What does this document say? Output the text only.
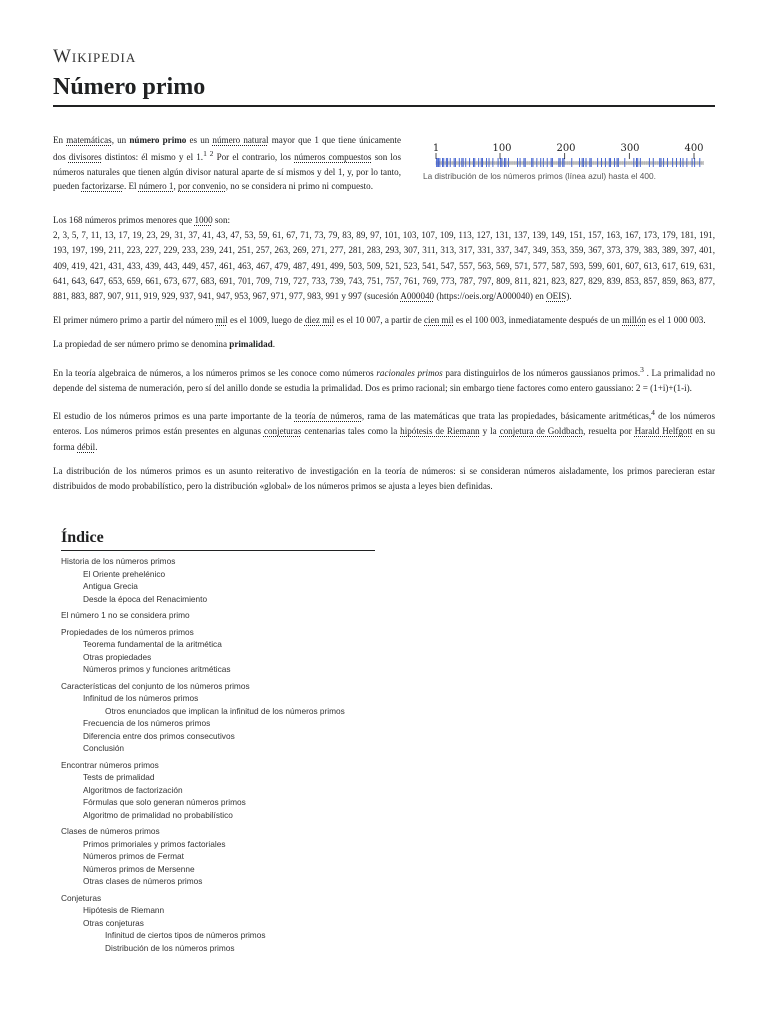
Wikipedia
Número primo
En matemáticas, un número primo es un número natural mayor que 1 que tiene únicamente dos divisores distintos: él mismo y el 1.$^{1 2}$ Por el contrario, los números compuestos son los números naturales que tienen algún divisor natural aparte de sí mismos y del 1, y, por lo tanto, pueden factorizarse. El número 1, por convenio, no se considera ni primo ni compuesto.
1	100	200	300	400
La distribución de los números primos (línea azul) hasta el 400.

Los 168 números primos menores que 1000 son:
2, 3, 5, 7, 11, 13, 17, 19, 23, 29, 31, 37, 41, 43, 47, 53, 59, 61, 67, 71, 73, 79, 83, 89, 97, 101, 103, 107, 109, 113, 127, 131, 137, 139, 149, 151, 157, 163, 167, 173, 179, 181, 191, 193, 197, 199, 211, 223, 227, 229, 233, 239, 241, 251, 257, 263, 269, 271, 277, 281, 283, 293, 307, 311, 313, 317, 331, 337, 347, 349, 353, 359, 367, 373, 379, 383, 389, 397, 401, 409, 419, 421, 431, 433, 439, 443, 449, 457, 461, 463, 467, 479, 487, 491, 499, 503, 509, 521, 523, 541, 547, 557, 563, 569, 571, 577, 587, 593, 599, 601, 607, 613, 617, 619, 631, 641, 643, 647, 653, 659, 661, 673, 677, 683, 691, 701, 709, 719, 727, 733, 739, 743, 751, 757, 761, 769, 773, 787, 797, 809, 811, 821, 823, 827, 829, 839, 853, 857, 859, 863, 877, 881, 883, 887, 907, 911, 919, 929, 937, 941, 947, 953, 967, 971, 977, 983, 991 y 997 (sucesión A000040 (https://oeis.org/A000040) en OEIS).

El primer número primo a partir del número mil es el 1009, luego de diez mil es el 10 007, a partir de cien mil es el 100 003, inmediatamente después de un millón es el 1 000 003.

La propiedad de ser número primo se denomina primalidad.

En la teoría algebraica de números, a los números primos se les conoce como números racionales primos para distinguirlos de los números gaussianos primos.$^3$ . La primalidad no depende del sistema de numeración, pero sí del anillo donde se estudia la primalidad. Dos es primo racional; sin embargo tiene factores como entero gaussiano: 2 = (1+i)+(1-i).

El estudio de los números primos es una parte importante de la teoría de números, rama de las matemáticas que trata las propiedades, básicamente aritméticas,$^4$ de los números enteros. Los números primos están presentes en algunas conjeturas centenarias tales como la hipótesis de Riemann y la conjetura de Goldbach, resuelta por Harald Helfgott en su forma débil.

La distribución de los números primos es un asunto reiterativo de investigación en la teoría de números: si se consideran números aisladamente, los primos parecieran estar distribuidos de modo probabilístico, pero la distribución «global» de los números primos se ajusta a leyes bien definidas.

Índice
Historia de los números primos
El Oriente prehelénico
Antigua Grecia
Desde la época del Renacimiento
El número 1 no se considera primo
Propiedades de los números primos
Teorema fundamental de la aritmética
Otras propiedades
Números primos y funciones aritméticas
Características del conjunto de los números primos
Infinitud de los números primos
Otros enunciados que implican la infinitud de los números primos
Frecuencia de los números primos
Diferencia entre dos primos consecutivos
Conclusión
Encontrar números primos
Tests de primalidad
Algoritmos de factorización
Fórmulas que solo generan números primos
Algoritmo de primalidad no probabilístico
Clases de números primos
Primos primoriales y primos factoriales
Números primos de Fermat
Números primos de Mersenne
Otras clases de números primos
Conjeturas
Hipótesis de Riemann
Otras conjeturas
Infinitud de ciertos tipos de números primos
Distribución de los números primos
